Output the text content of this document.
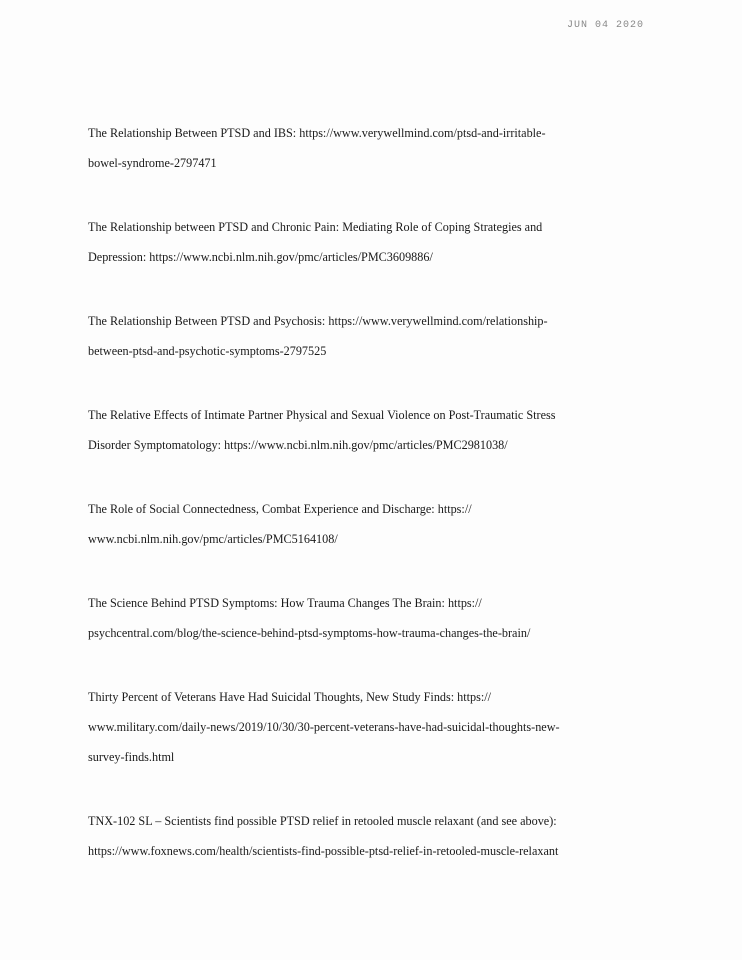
JUN 04 2020

The Relationship Between PTSD and IBS: https://www.verywellmind.com/ptsd-and-irritable-
bowel-syndrome-2797471

The Relationship between PTSD and Chronic Pain: Mediating Role of Coping Strategies and
Depression: https://www.ncbi.nlm.nih.gov/pmc/articles/PMC3609886/

The Relationship Between PTSD and Psychosis: https://www.verywellmind.com/relationship-
between-ptsd-and-psychotic-symptoms-2797525

The Relative Effects of Intimate Partner Physical and Sexual Violence on Post-Traumatic Stress
Disorder Symptomatology: https://www.ncbi.nlm.nih.gov/pmc/articles/PMC2981038/

The Role of Social Connectedness, Combat Experience and Discharge: https://
www.ncbi.nlm.nih.gov/pmc/articles/PMC5164108/

The Science Behind PTSD Symptoms: How Trauma Changes The Brain: https://
psychcentral.com/blog/the-science-behind-ptsd-symptoms-how-trauma-changes-the-brain/

Thirty Percent of Veterans Have Had Suicidal Thoughts, New Study Finds: https://
www.military.com/daily-news/2019/10/30/30-percent-veterans-have-had-suicidal-thoughts-new-
survey-finds.html

TNX-102 SL – Scientists find possible PTSD relief in retooled muscle relaxant (and see above):
https://www.foxnews.com/health/scientists-find-possible-ptsd-relief-in-retooled-muscle-relaxant
